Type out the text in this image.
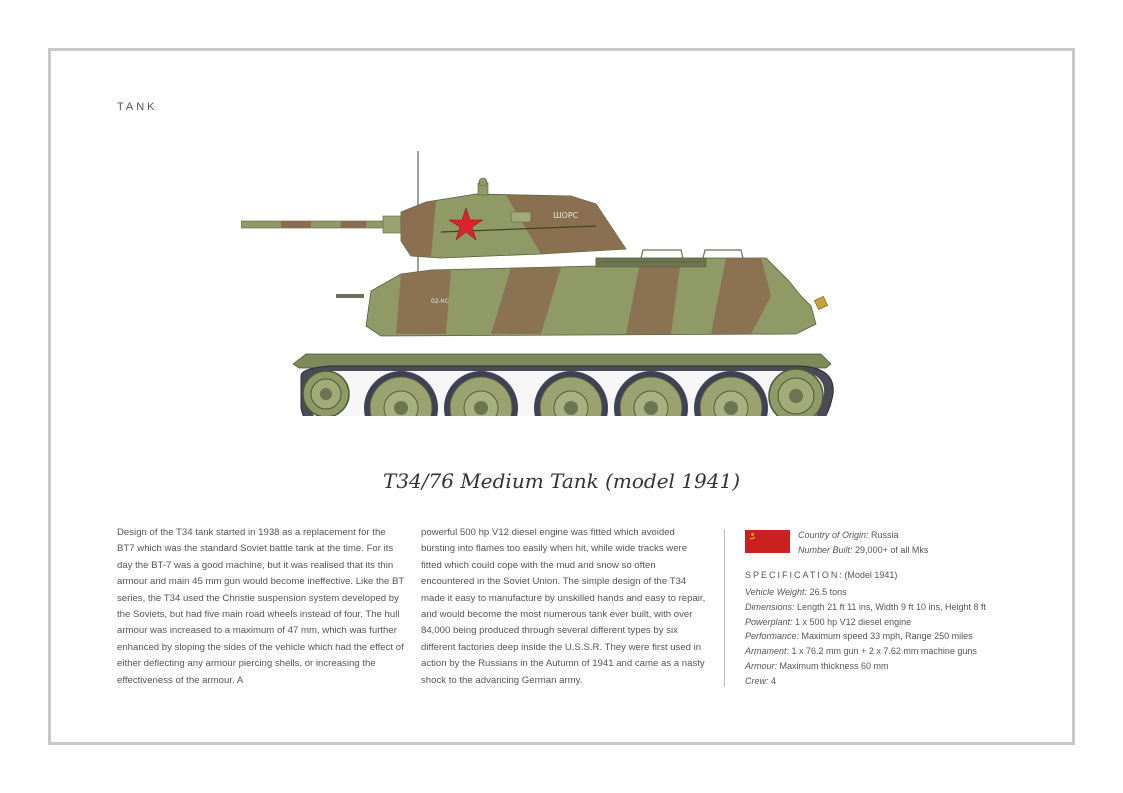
TANK
ШОРС
02-КС
T34/76 Medium Tank (model 1941)
Design of the T34 tank started in 1938 as a replacement for the BT7 which was the standard Soviet battle tank at the time. For its day the BT-7 was a good machine, but it was realised that its thin armour and main 45 mm gun would become ineffective. Like the BT series, the T34 used the Christie suspension system developed by the Soviets, but had five main road wheels instead of four. The hull armour was increased to a maximum of 47 mm, which was further enhanced by sloping the sides of the vehicle which had the effect of either deflecting any armour piercing shells, or increasing the effectiveness of the armour. A
powerful 500 hp V12 diesel engine was fitted which avoided bursting into flames too easily when hit, while wide tracks were fitted which could cope with the mud and snow so often encountered in the Soviet Union. The simple design of the T34 made it easy to manufacture by unskilled hands and easy to repair, and would become the most numerous tank ever built, with over 84,000 being produced through several different types by six different factories deep inside the U.S.S.R. They were first used in action by the Russians in the Autumn of 1941 and came as a nasty shock to the advancing German army.
Country of Origin: Russia
Number Built: 29,000+ of all Mks
SPECIFICATION: (Model 1941)
Vehicle Weight: 26.5 tons
Dimensions: Length 21 ft 11 ins, Width 9 ft 10 ins, Height 8 ft
Powerplant: 1 x 500 hp V12 diesel engine
Performance: Maximum speed 33 mph, Range 250 miles
Armament: 1 x 76.2 mm gun + 2 x 7.62 mm machine guns
Armour: Maximum thickness 60 mm
Crew: 4
